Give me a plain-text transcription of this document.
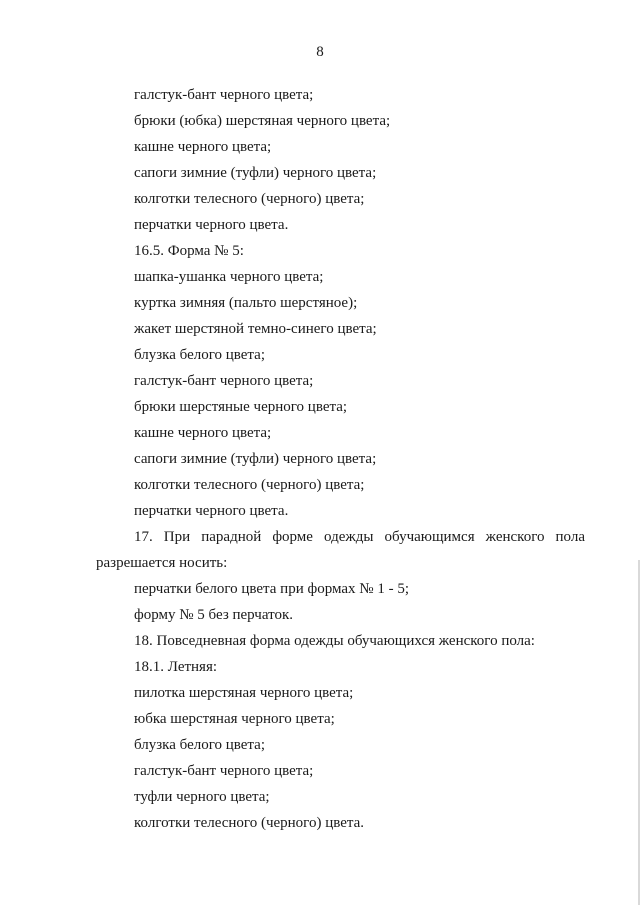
8
галстук-бант черного цвета;
брюки (юбка) шерстяная черного цвета;
кашне черного цвета;
сапоги зимние (туфли) черного цвета;
колготки телесного (черного) цвета;
перчатки черного цвета.
16.5. Форма № 5:
шапка-ушанка черного цвета;
куртка зимняя (пальто шерстяное);
жакет шерстяной темно-синего цвета;
блузка белого цвета;
галстук-бант черного цвета;
брюки шерстяные черного цвета;
кашне черного цвета;
сапоги зимние (туфли) черного цвета;
колготки телесного (черного) цвета;
перчатки черного цвета.
17. При парадной форме одежды обучающимся женского пола
разрешается носить:
перчатки белого цвета при формах № 1 - 5;
форму № 5 без перчаток.
18. Повседневная форма одежды обучающихся женского пола:
18.1. Летняя:
пилотка шерстяная черного цвета;
юбка шерстяная черного цвета;
блузка белого цвета;
галстук-бант черного цвета;
туфли черного цвета;
колготки телесного (черного) цвета.
